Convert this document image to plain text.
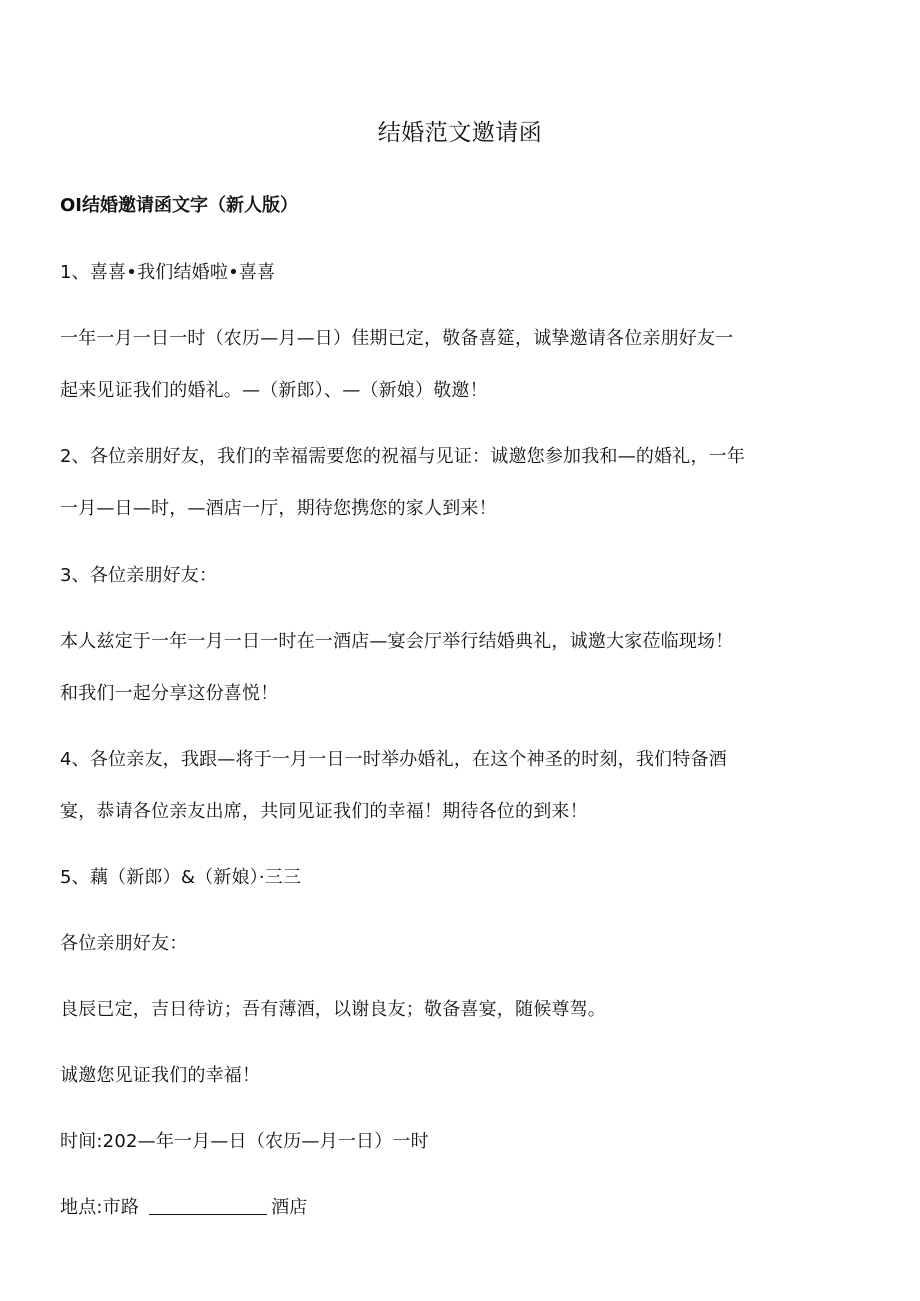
结婚范文邀请函
OI结婚邀请函文字（新人版）
1、喜喜•我们结婚啦•喜喜
一年一月一日一时（农历—月—日）佳期已定，敬备喜筵，诚挚邀请各位亲朋好友一
起来见证我们的婚礼。—（新郎）、—（新娘）敬邀！
2、各位亲朋好友，我们的幸福需要您的祝福与见证：诚邀您参加我和—的婚礼，一年
一月—日—时，—酒店一厅，期待您携您的家人到来！
3、各位亲朋好友：
本人兹定于一年一月一日一时在一酒店—宴会厅举行结婚典礼，诚邀大家莅临现场！
和我们一起分享这份喜悦！
4、各位亲友，我跟—将于一月一日一时举办婚礼，在这个神圣的时刻，我们特备酒
宴，恭请各位亲友出席，共同见证我们的幸福！期待各位的到来！
5、藕（新郎）&（新娘）·三三
各位亲朋好友：
良辰已定，吉日待访；吾有薄酒，以谢良友；敬备喜宴，随候尊驾。
诚邀您见证我们的幸福！
时间:202—年一月—日（农历—月一日）一时
地点:市路	酒店
